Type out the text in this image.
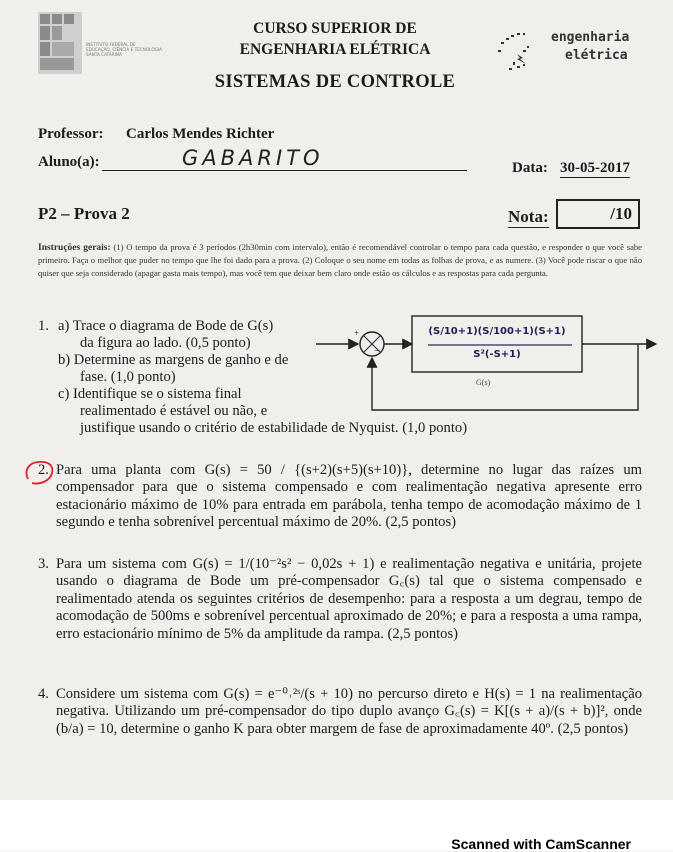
INSTITUTO FEDERAL DE
EDUCAÇÃO, CIÊNCIA E TECNOLOGIA
SANTA CATARINA
CURSO SUPERIOR DE
ENGENHARIA ELÉTRICA
SISTEMAS DE CONTROLE
engenharia
elétrica
Professor: Carlos Mendes Richter
Aluno(a):	GABARITO	Data: 30-05-2017
P2 – Prova 2	Nota:	/10
Instruções gerais: (1) O tempo da prova é 3 períodos (2h30min com intervalo), então é recomendável controlar o tempo para cada questão, e responder o que você sabe primeiro. Faça o melhor que puder no tempo que lhe foi dado para a prova. (2) Coloque o seu nome em todas as folhas de prova, e as numere. (3) Você pode riscar o que não quiser que seja considerado (apagar gasta mais tempo), mas você tem que deixar bem claro onde estão os cálculos e as respostas para cada pergunta.
1. a) Trace o diagrama de Bode de G(s)
da figura ao lado. (0,5 ponto)
b) Determine as margens de ganho e de
fase. (1,0 ponto)
c) Identifique se o sistema final
realimentado é estável ou não, e
justifique usando o critério de estabilidade de Nyquist. (1,0 ponto)
+
−
(S/10+1)(S/100+1)(S+1)
S²(-S+1)
G(s)
2. Para uma planta com G(s) = 50 / {(s+2)(s+5)(s+10)}, determine no lugar das raízes um compensador para que o sistema compensado e com realimentação negativa apresente erro estacionário máximo de 10% para entrada em parábola, tenha tempo de acomodação máximo de 1 segundo e tenha sobrenível percentual máximo de 20%. (2,5 pontos)
3. Para um sistema com G(s) = 1/(10⁻²s² − 0,02s + 1) e realimentação negativa e unitária, projete usando o diagrama de Bode um pré-compensador G꜀(s) tal que o sistema compensado e realimentado atenda os seguintes critérios de desempenho: para a resposta a um degrau, tempo de acomodação de 500ms e sobrenível percentual aproximado de 20%; e para a resposta a uma rampa, erro estacionário mínimo de 5% da amplitude da rampa. (2,5 pontos)
4. Considere um sistema com G(s) = e⁻⁰˒²ˢ/(s + 10) no percurso direto e H(s) = 1 na realimentação negativa. Utilizando um pré-compensador do tipo duplo avanço G꜀(s) = K[(s + a)/(s + b)]², onde (b/a) = 10, determine o ganho K para obter margem de fase de aproximadamente 40º. (2,5 pontos)
Scanned with CamScanner
